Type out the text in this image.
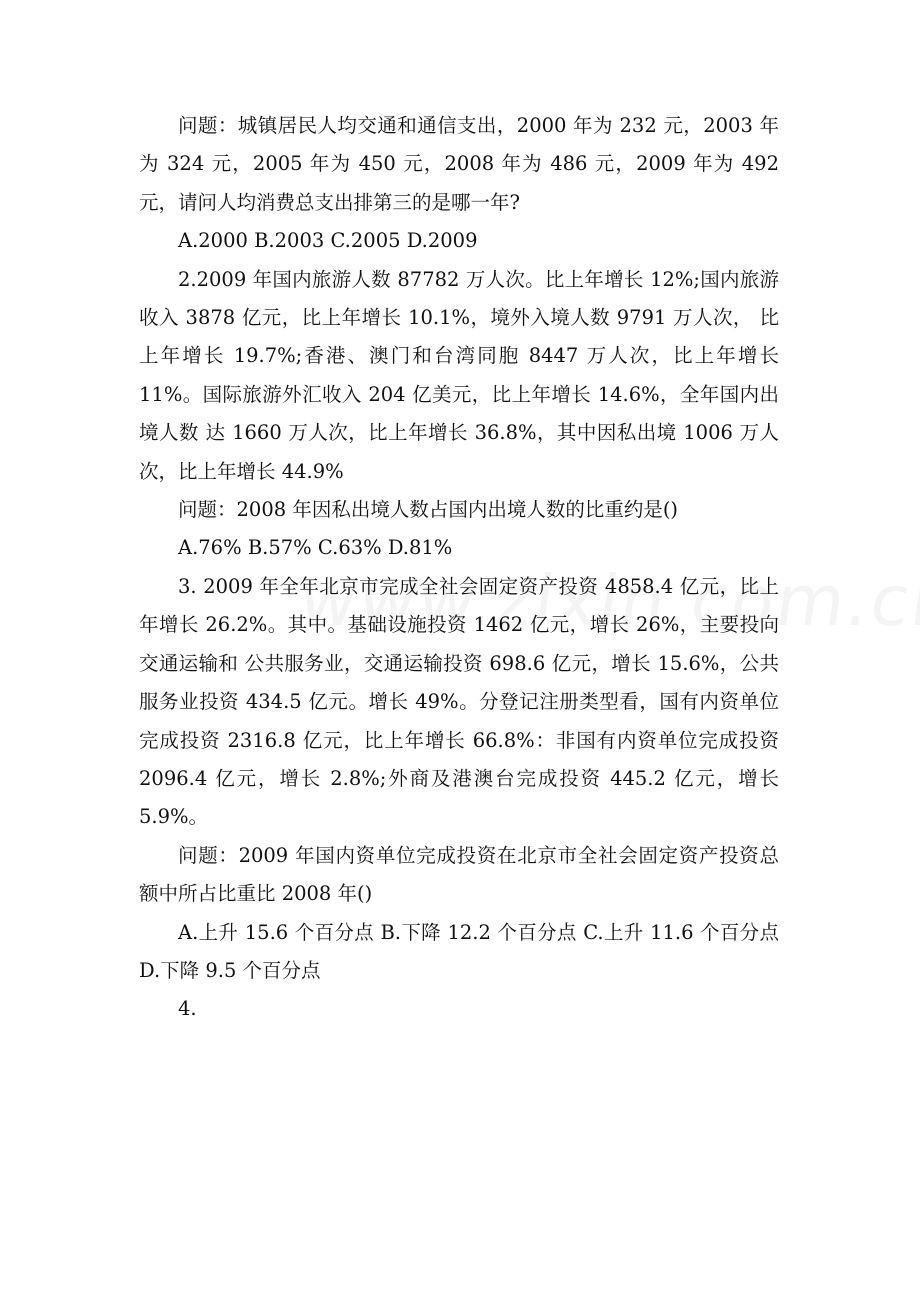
问题：城镇居民人均交通和通信支出，2000 年为 232 元，2003 年为 324 元，2005 年为 450 元，2008 年为 486 元，2009 年为 492 元，请问人均消费总支出排第三的是哪一年?

A.2000 B.2003 C.2005 D.2009

2.2009 年国内旅游人数 87782 万人次。比上年增长 12%;国内旅游收入 3878 亿元，比上年增长 10.1%，境外入境人数 9791 万人次， 比上年增长 19.7%;香港、澳门和台湾同胞 8447 万人次，比上年增长 11%。国际旅游外汇收入 204 亿美元，比上年增长 14.6%，全年国内出境人数 达 1660 万人次，比上年增长 36.8%，其中因私出境 1006 万人次，比上年增长 44.9%

问题：2008 年因私出境人数占国内出境人数的比重约是()

A.76% B.57% C.63% D.81%

3. 2009 年全年北京市完成全社会固定资产投资 4858.4 亿元，比上年增长 26.2%。其中。基础设施投资 1462 亿元，增长 26%，主要投向交通运输和 公共服务业，交通运输投资 698.6 亿元，增长 15.6%，公共服务业投资 434.5 亿元。增长 49%。分登记注册类型看，国有内资单位完成投资 2316.8 亿元，比上年增长 66.8%：非国有内资单位完成投资 2096.4 亿元，增长 2.8%;外商及港澳台完成投资 445.2 亿元，增长 5.9%。

问题：2009 年国内资单位完成投资在北京市全社会固定资产投资总额中所占比重比 2008 年()

A.上升 15.6 个百分点 B.下降 12.2 个百分点 C.上升 11.6 个百分点 D.下降 9.5 个百分点

4.
